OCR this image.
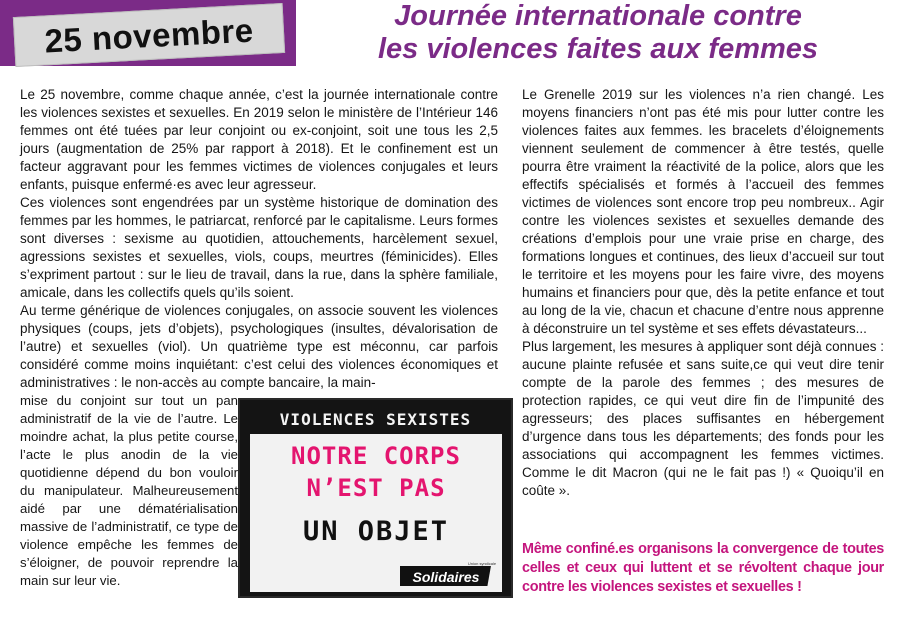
25 novembre	Journée internationale contre
les violences faites aux femmes

Le 25 novembre, comme chaque année, c’est la journée internationale contre les violences sexistes et sexuelles. En 2019 selon le ministère de l’Intérieur 146 femmes ont été tuées par leur conjoint ou ex-conjoint, soit une tous les 2,5 jours (augmentation de 25% par rapport à 2018). Et le confinement est un facteur aggravant pour les femmes victimes de violences conjugales et leurs enfants, puisque enfermé·es avec leur agresseur.

Ces violences sont engendrées par un système historique de domination des femmes par les hommes, le patriarcat, renforcé par le capitalisme. Leurs formes sont diverses : sexisme au quotidien, attouchements, harcèlement sexuel, agressions sexistes et sexuelles, viols, coups, meurtres (féminicides). Elles s’expriment partout : sur le lieu de travail, dans la rue, dans la sphère familiale, amicale, dans les collectifs quels qu’ils soient.

Au terme générique de violences conjugales, on associe souvent les violences physiques (coups, jets d’objets), psychologiques (insultes, dévalorisation de l’autre) et sexuelles (viol). Un quatrième type est méconnu, car parfois considéré comme moins inquiétant: c’est celui des violences économiques et administratives : le non-accès au compte bancaire, la main-

mise du conjoint sur tout un pan administratif de la vie de l’autre. Le moindre achat, la plus petite course, l’acte le plus anodin de la vie quotidienne dépend du bon vouloir du manipulateur. Malheureusement aidé par une dématérialisation massive de l’administratif, ce type de violence empêche les femmes de s’éloigner, de pouvoir reprendre la main sur leur vie.

VIOLENCES SEXISTES
NOTRE CORPS
N’EST PAS
UN OBJET
Solidaires
Union syndicale

Le Grenelle 2019 sur les violences n’a rien changé. Les moyens financiers n’ont pas été mis pour lutter contre les violences faites aux femmes. les bracelets d’éloignements viennent seulement de commencer à être testés, quelle pourra être vraiment la réactivité de la police, alors que les effectifs spécialisés et formés à l’accueil des femmes victimes de violences sont encore trop peu nombreux.. Agir contre les violences sexistes et sexuelles demande des créations d’emplois pour une vraie prise en charge, des formations longues et continues, des lieux d’accueil sur tout le territoire et les moyens pour les faire vivre, des moyens humains et financiers pour que, dès la petite enfance et tout au long de la vie, chacun et chacune d’entre nous apprenne à déconstruire un tel système et ses effets dévastateurs...

Plus largement, les mesures à appliquer sont déjà connues : aucune plainte refusée et sans suite,ce qui veut dire tenir compte de la parole des femmes ; des mesures de protection rapides, ce qui veut dire fin de l’impunité des agresseurs; des places suffisantes en hébergement d’urgence dans tous les départements; des fonds pour les associations qui accompagnent les femmes victimes. Comme le dit Macron (qui ne le fait pas !) « Quoiqu’il en coûte ».

Même confiné.es organisons la convergence de toutes celles et ceux qui luttent et se révoltent chaque jour contre les violences sexistes et sexuelles !
